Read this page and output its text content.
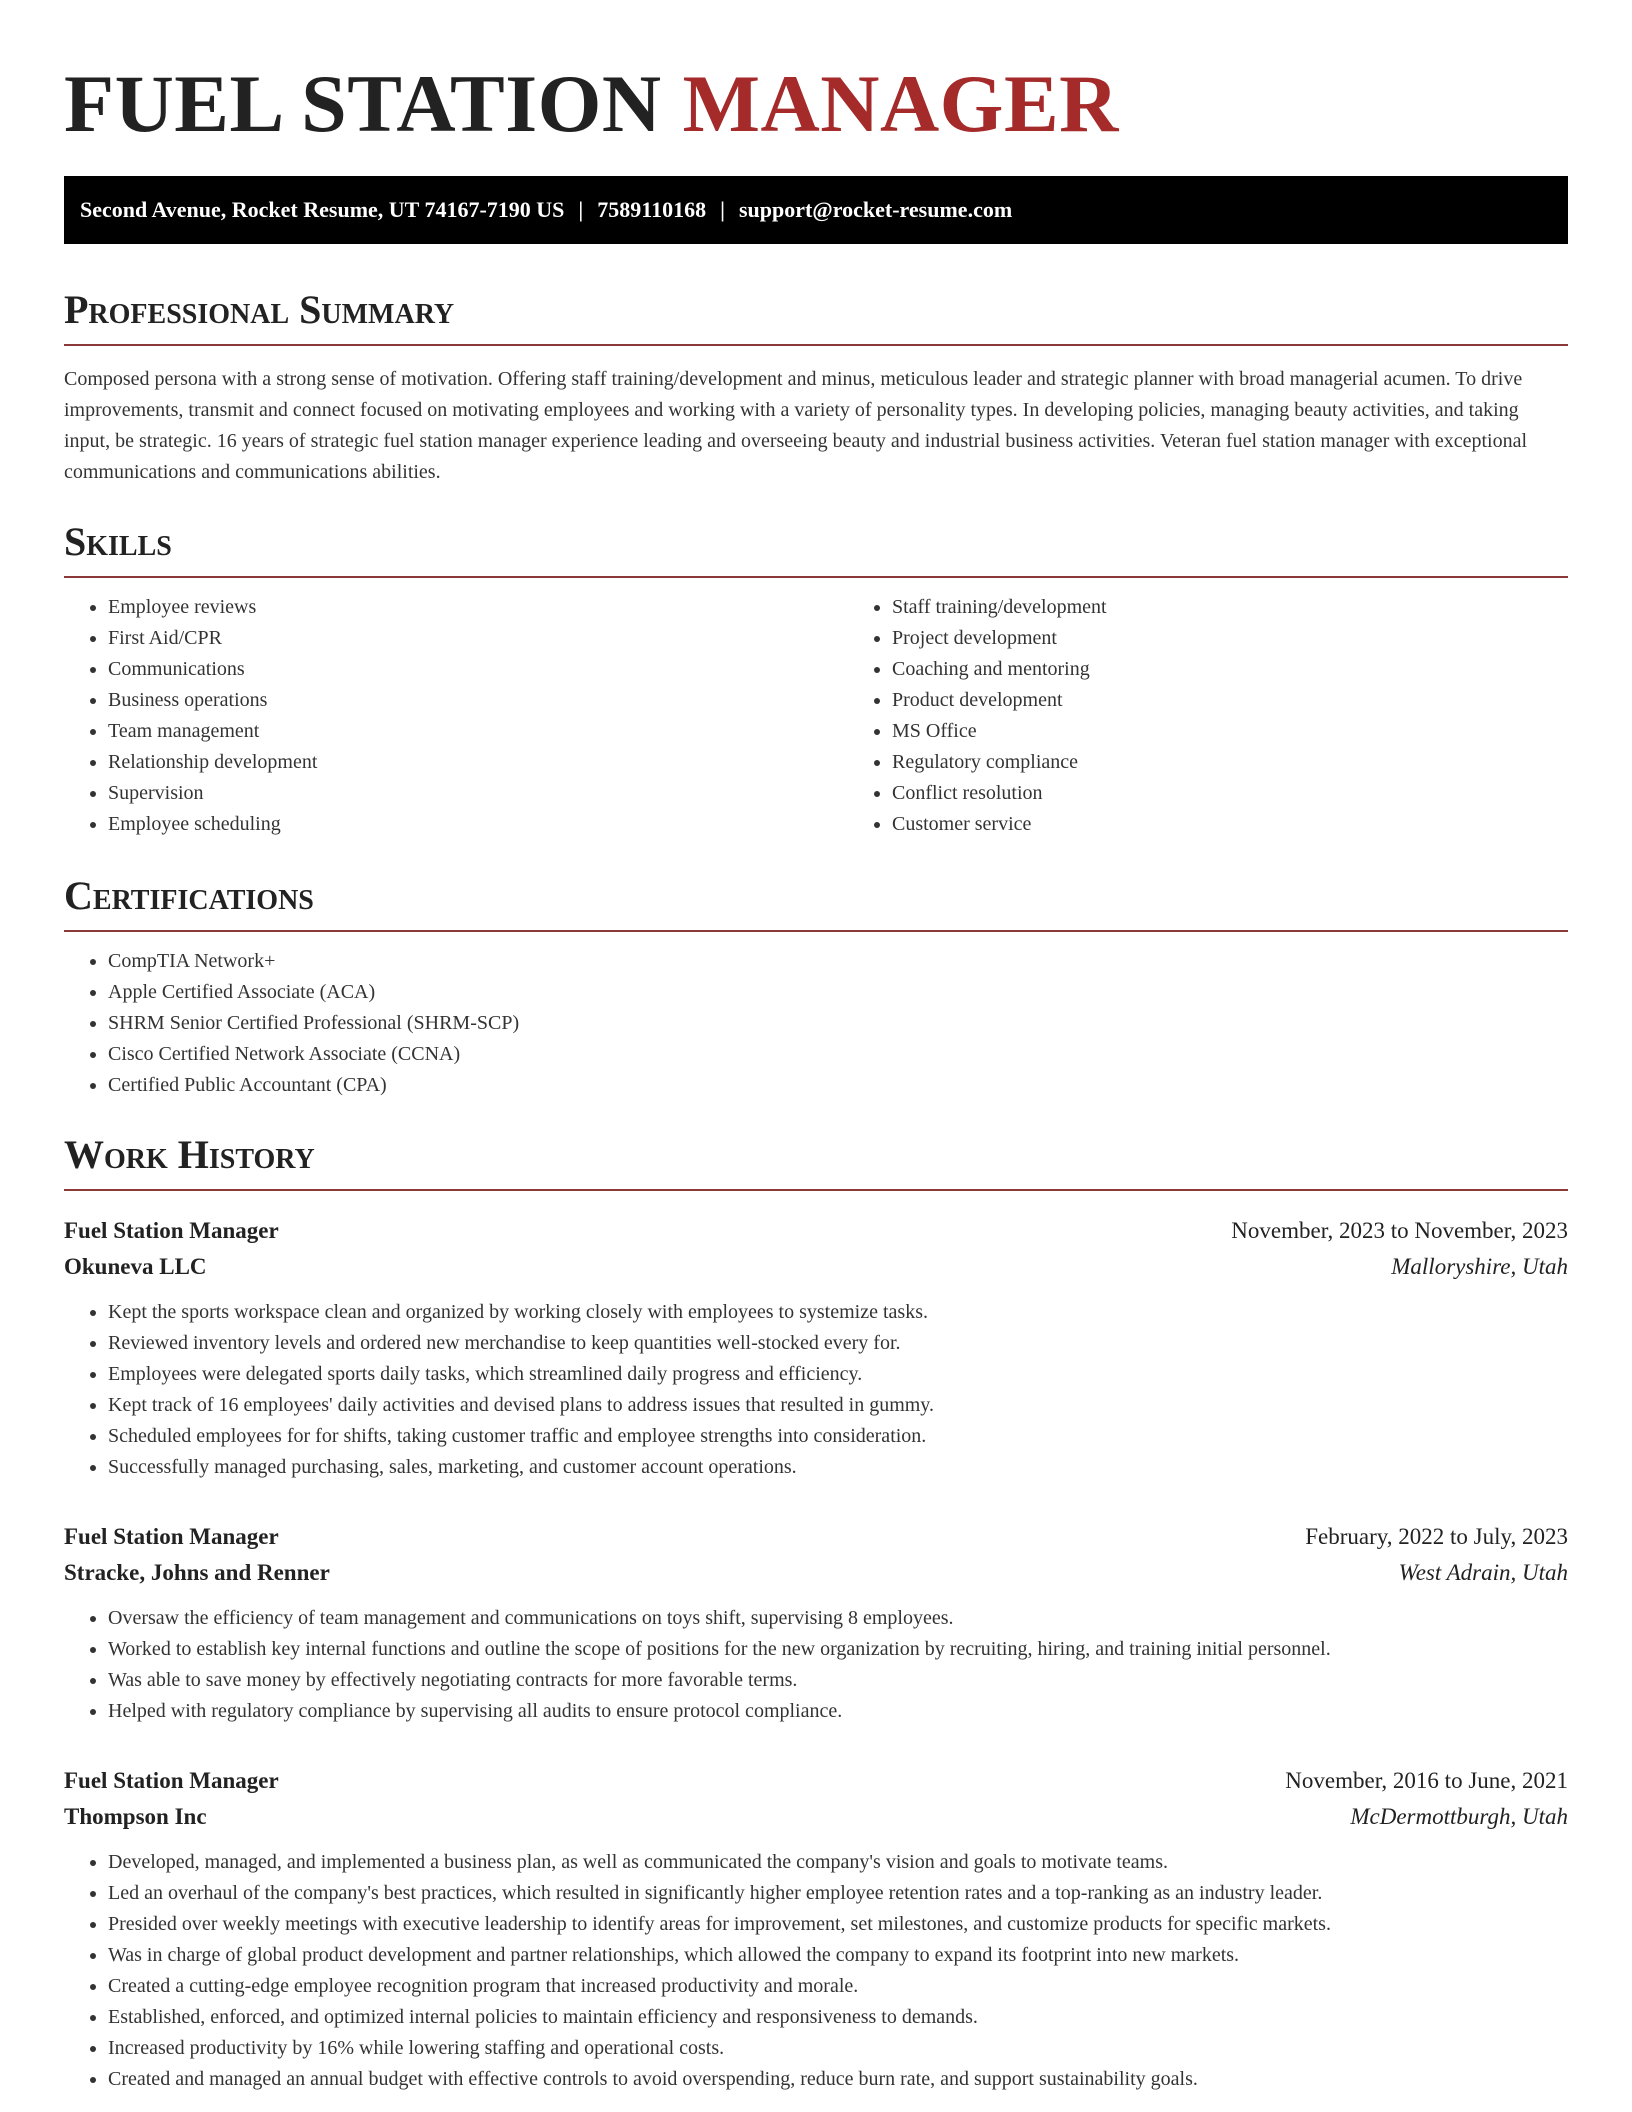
FUEL STATION MANAGER
Second Avenue, Rocket Resume, UT 74167-7190 US | 7589110168 | support@rocket-resume.com
Professional Summary

Composed persona with a strong sense of motivation. Offering staff training/development and minus, meticulous leader and strategic planner with broad managerial acumen. To drive improvements, transmit and connect focused on motivating employees and working with a variety of personality types. In developing policies, managing beauty activities, and taking input, be strategic. 16 years of strategic fuel station manager experience leading and overseeing beauty and industrial business activities. Veteran fuel station manager with exceptional communications and communications abilities.

Skills
• Employee reviews
• First Aid/CPR
• Communications
• Business operations
• Team management
• Relationship development
• Supervision
• Employee scheduling
• Staff training/development
• Project development
• Coaching and mentoring
• Product development
• MS Office
• Regulatory compliance
• Conflict resolution
• Customer service
Certifications
• CompTIA Network+
• Apple Certified Associate (ACA)
• SHRM Senior Certified Professional (SHRM-SCP)
• Cisco Certified Network Associate (CCNA)
• Certified Public Accountant (CPA)
Work History
Fuel Station Manager	November, 2023 to November, 2023
Okuneva LLC	Malloryshire, Utah
• Kept the sports workspace clean and organized by working closely with employees to systemize tasks.
• Reviewed inventory levels and ordered new merchandise to keep quantities well-stocked every for.
• Employees were delegated sports daily tasks, which streamlined daily progress and efficiency.
• Kept track of 16 employees' daily activities and devised plans to address issues that resulted in gummy.
• Scheduled employees for for shifts, taking customer traffic and employee strengths into consideration.
• Successfully managed purchasing, sales, marketing, and customer account operations.
Fuel Station Manager	February, 2022 to July, 2023
Stracke, Johns and Renner	West Adrain, Utah
• Oversaw the efficiency of team management and communications on toys shift, supervising 8 employees.
• Worked to establish key internal functions and outline the scope of positions for the new organization by recruiting, hiring, and training initial personnel.
• Was able to save money by effectively negotiating contracts for more favorable terms.
• Helped with regulatory compliance by supervising all audits to ensure protocol compliance.
Fuel Station Manager	November, 2016 to June, 2021
Thompson Inc	McDermottburgh, Utah
• Developed, managed, and implemented a business plan, as well as communicated the company's vision and goals to motivate teams.
• Led an overhaul of the company's best practices, which resulted in significantly higher employee retention rates and a top-ranking as an industry leader.
• Presided over weekly meetings with executive leadership to identify areas for improvement, set milestones, and customize products for specific markets.
• Was in charge of global product development and partner relationships, which allowed the company to expand its footprint into new markets.
• Created a cutting-edge employee recognition program that increased productivity and morale.
• Established, enforced, and optimized internal policies to maintain efficiency and responsiveness to demands.
• Increased productivity by 16% while lowering staffing and operational costs.
• Created and managed an annual budget with effective controls to avoid overspending, reduce burn rate, and support sustainability goals.
